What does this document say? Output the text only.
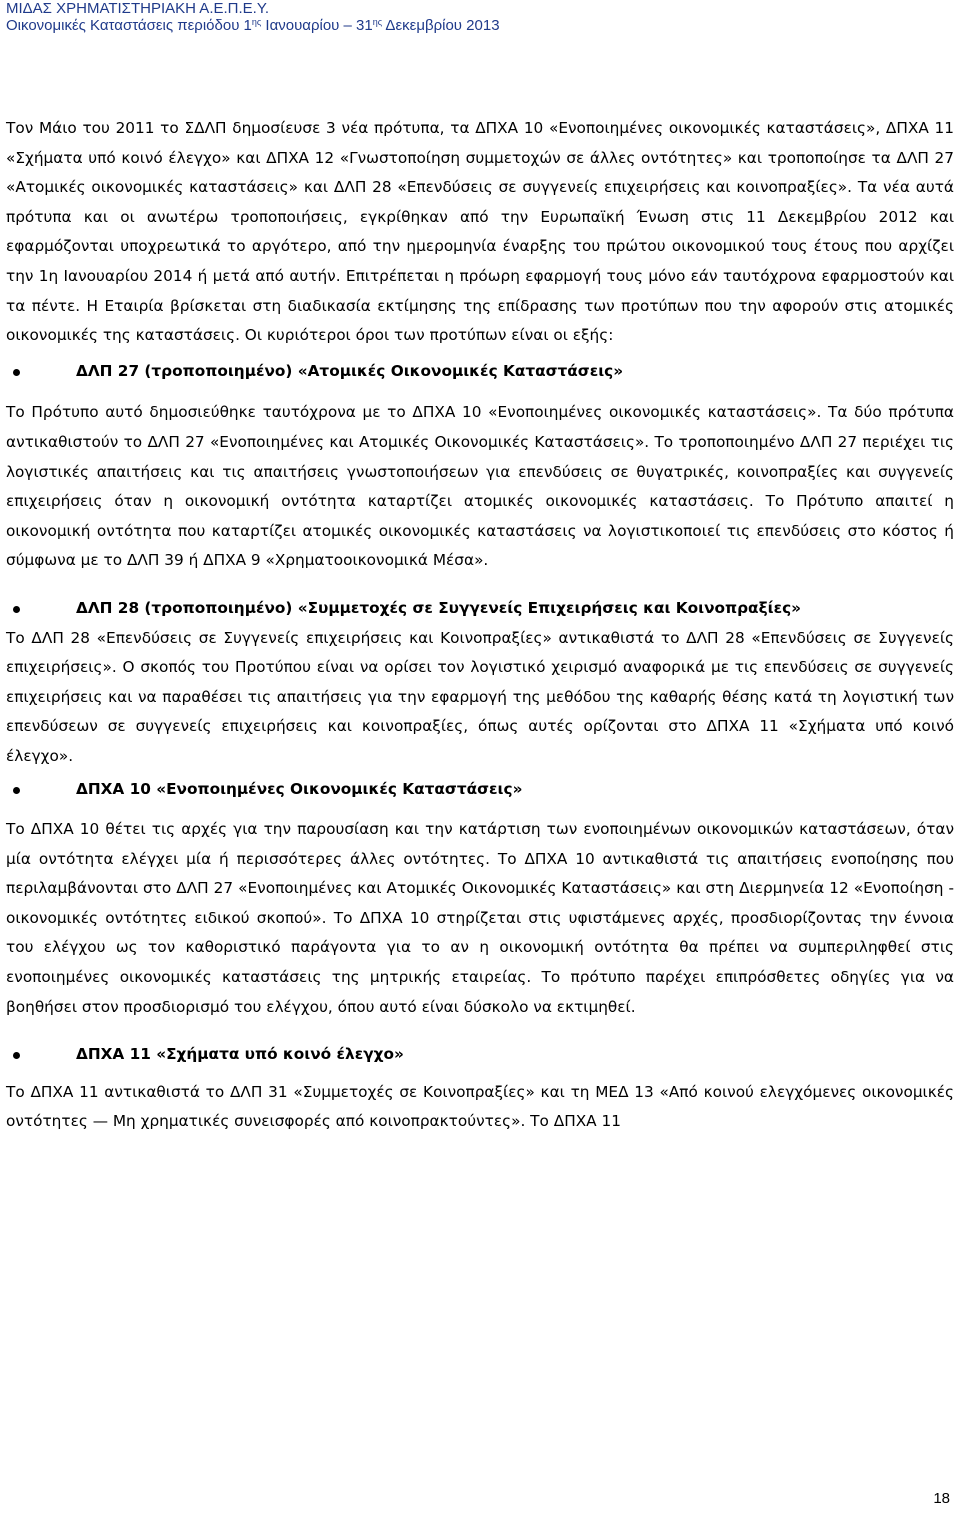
ΜΙΔΑΣ ΧΡΗΜΑΤΙΣΤΗΡΙΑΚΗ Α.Ε.Π.Ε.Υ.
Οικονομικές Καταστάσεις περιόδου $1^{\eta\varsigma}$ Ιανουαρίου – $31^{\eta\varsigma}$ Δεκεμβρίου 2013

Τον Μάιο του 2011 το ΣΔΛΠ δημοσίευσε 3 νέα πρότυπα, τα ΔΠΧΑ 10 «Ενοποιημένες οικονομικές καταστάσεις», ΔΠΧΑ 11 «Σχήματα υπό κοινό έλεγχο» και ΔΠΧΑ 12 «Γνωστοποίηση συμμετοχών σε άλλες οντότητες» και τροποποίησε τα ΔΛΠ 27 «Ατομικές οικονομικές καταστάσεις» και ΔΛΠ 28 «Επενδύσεις σε συγγενείς επιχειρήσεις και κοινοπραξίες». Τα νέα αυτά πρότυπα και οι ανωτέρω τροποποιήσεις, εγκρίθηκαν από την Ευρωπαϊκή Ένωση στις 11 Δεκεμβρίου 2012 και εφαρμόζονται υποχρεωτικά το αργότερο, από την ημερομηνία έναρξης του πρώτου οικονομικού τους έτους που αρχίζει την 1η Ιανουαρίου 2014 ή μετά από αυτήν. Επιτρέπεται η πρόωρη εφαρμογή τους μόνο εάν ταυτόχρονα εφαρμοστούν και τα πέντε. Η Εταιρία βρίσκεται στη διαδικασία εκτίμησης της επίδρασης των προτύπων που την αφορούν στις ατομικές οικονομικές της καταστάσεις. Οι κυριότεροι όροι των προτύπων είναι οι εξής:

ΔΛΠ 27 (τροποποιημένο) «Ατομικές Οικονομικές Καταστάσεις»

Το Πρότυπο αυτό δημοσιεύθηκε ταυτόχρονα με το ΔΠΧΑ 10 «Ενοποιημένες οικονομικές καταστάσεις». Τα δύο πρότυπα αντικαθιστούν το ΔΛΠ 27 «Ενοποιημένες και Ατομικές Οικονομικές Καταστάσεις». Το τροποποιημένο ΔΛΠ 27 περιέχει τις λογιστικές απαιτήσεις και τις απαιτήσεις γνωστοποιήσεων για επενδύσεις σε θυγατρικές, κοινοπραξίες και συγγενείς επιχειρήσεις όταν η οικονομική οντότητα καταρτίζει ατομικές οικονομικές καταστάσεις. Το Πρότυπο απαιτεί η οικονομική οντότητα που καταρτίζει ατομικές οικονομικές καταστάσεις να λογιστικοποιεί τις επενδύσεις στο κόστος ή σύμφωνα με το ΔΛΠ 39 ή ΔΠΧΑ 9 «Χρηματοοικονομικά Μέσα».

ΔΛΠ 28 (τροποποιημένο) «Συμμετοχές σε Συγγενείς Επιχειρήσεις και Κοινοπραξίες»

Το ΔΛΠ 28 «Επενδύσεις σε Συγγενείς επιχειρήσεις και Κοινοπραξίες» αντικαθιστά το ΔΛΠ 28 «Επενδύσεις σε Συγγενείς επιχειρήσεις». Ο σκοπός του Προτύπου είναι να ορίσει τον λογιστικό χειρισμό αναφορικά με τις επενδύσεις σε συγγενείς επιχειρήσεις και να παραθέσει τις απαιτήσεις για την εφαρμογή της μεθόδου της καθαρής θέσης κατά τη λογιστική των επενδύσεων σε συγγενείς επιχειρήσεις και κοινοπραξίες, όπως αυτές ορίζονται στο ΔΠΧΑ 11 «Σχήματα υπό κοινό έλεγχο».

ΔΠΧΑ 10 «Ενοποιημένες Οικονομικές Καταστάσεις»

Το ΔΠΧΑ 10 θέτει τις αρχές για την παρουσίαση και την κατάρτιση των ενοποιημένων οικονομικών καταστάσεων, όταν μία οντότητα ελέγχει μία ή περισσότερες άλλες οντότητες. Το ΔΠΧΑ 10 αντικαθιστά τις απαιτήσεις ενοποίησης που περιλαμβάνονται στο ΔΛΠ 27 «Ενοποιημένες και Ατομικές Οικονομικές Καταστάσεις» και στη Διερμηνεία 12 «Ενοποίηση - οικονομικές οντότητες ειδικού σκοπού». Το ΔΠΧΑ 10 στηρίζεται στις υφιστάμενες αρχές, προσδιορίζοντας την έννοια του ελέγχου ως τον καθοριστικό παράγοντα για το αν η οικονομική οντότητα θα πρέπει να συμπεριληφθεί στις ενοποιημένες οικονομικές καταστάσεις της μητρικής εταιρείας. Το πρότυπο παρέχει επιπρόσθετες οδηγίες για να βοηθήσει στον προσδιορισμό του ελέγχου, όπου αυτό είναι δύσκολο να εκτιμηθεί.

ΔΠΧΑ 11 «Σχήματα υπό κοινό έλεγχο»

Το ΔΠΧΑ 11 αντικαθιστά το ΔΛΠ 31 «Συμμετοχές σε Κοινοπραξίες» και τη ΜΕΔ 13 «Από κοινού ελεγχόμενες οικονομικές οντότητες — Μη χρηματικές συνεισφορές από κοινοπρακτούντες». Το ΔΠΧΑ 11

18
